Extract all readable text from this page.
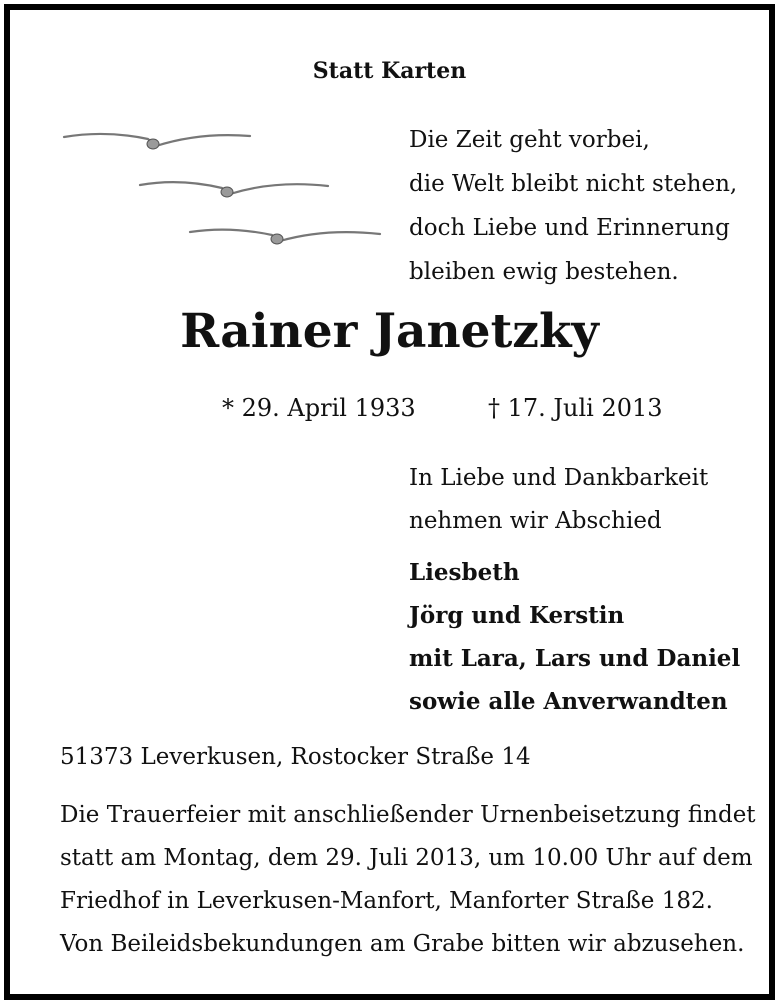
Statt Karten
Die Zeit geht vorbei,
die Welt bleibt nicht stehen,
doch Liebe und Erinnerung
bleiben ewig bestehen.
Rainer Janetzky
* 29. April 1933	† 17. Juli 2013
In Liebe und Dankbarkeit
nehmen wir Abschied
Liesbeth
Jörg und Kerstin
mit Lara, Lars und Daniel
sowie alle Anverwandten
51373 Leverkusen, Rostocker Straße 14
Die Trauerfeier mit anschließender Urnenbeisetzung findet
statt am Montag, dem 29. Juli 2013, um 10.00 Uhr auf dem
Friedhof in Leverkusen-Manfort, Manforter Straße 182.
Von Beileidsbekundungen am Grabe bitten wir abzusehen.
